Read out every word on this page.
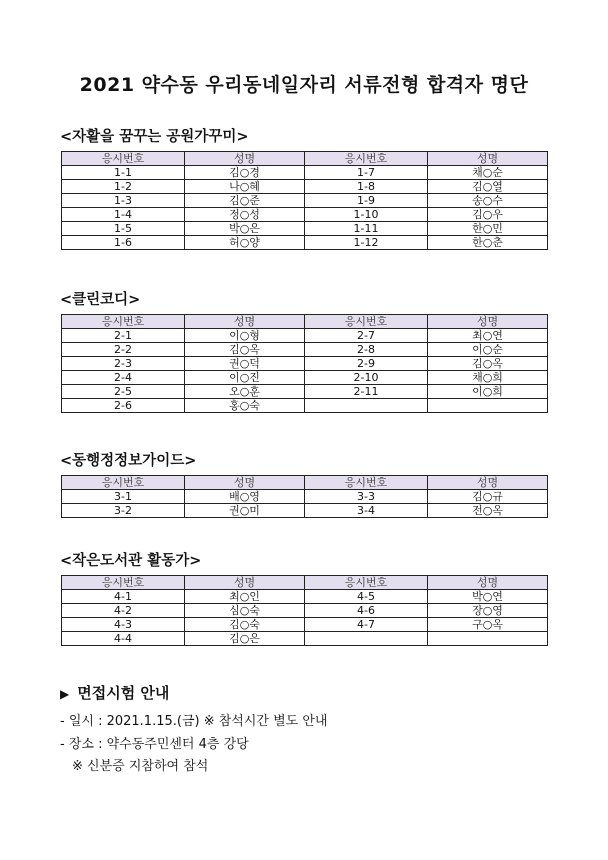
2021 약수동 우리동네일자리 서류전형 합격자 명단
<자활을 꿈꾸는 공원가꾸미>
응시번호	성명	응시번호	성명
1-1	김○경	1-7	채○순
1-2	나○혜	1-8	김○열
1-3	김○준	1-9	송○수
1-4	정○성	1-10	김○우
1-5	박○은	1-11	한○민
1-6	허○양	1-12	한○춘
<클린코디>
응시번호	성명	응시번호	성명
2-1	이○형	2-7	최○연
2-2	김○옥	2-8	이○순
2-3	권○덕	2-9	김○옥
2-4	이○진	2-10	채○희
2-5	오○훈	2-11	이○희
2-6	홍○숙		
<동행정정보가이드>
응시번호	성명	응시번호	성명
3-1	배○영	3-3	김○규
3-2	권○미	3-4	전○옥
<작은도서관 활동가>
응시번호	성명	응시번호	성명
4-1	최○인	4-5	박○연
4-2	심○숙	4-6	장○영
4-3	김○숙	4-7	구○옥
4-4	김○은		
▶ 면접시험 안내
- 일시 : 2021.1.15.(금) ※ 참석시간 별도 안내
- 장소 : 약수동주민센터 4층 강당
※ 신분증 지참하여 참석
